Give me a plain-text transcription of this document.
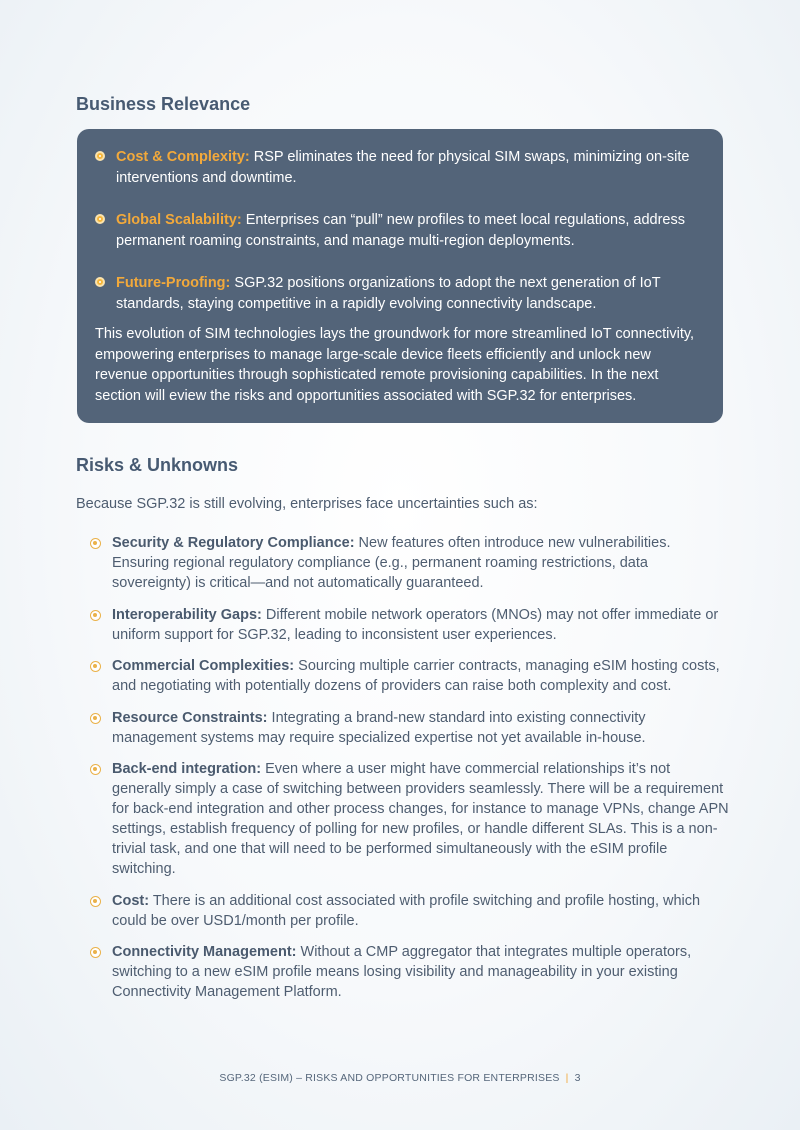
Business Relevance
Cost & Complexity: RSP eliminates the need for physical SIM swaps, minimizing on-site interventions and downtime.
Global Scalability: Enterprises can “pull” new profiles to meet local regulations, address permanent roaming constraints, and manage multi-region deployments.
Future-Proofing: SGP.32 positions organizations to adopt the next generation of IoT standards, staying competitive in a rapidly evolving connectivity landscape.

This evolution of SIM technologies lays the groundwork for more streamlined IoT connectivity, empowering enterprises to manage large-scale device fleets efficiently and unlock new revenue opportunities through sophisticated remote provisioning capabilities. In the next section will eview the risks and opportunities associated with SGP.32 for enterprises.

Risks & Unknowns

Because SGP.32 is still evolving, enterprises face uncertainties such as:

Security & Regulatory Compliance: New features often introduce new vulnerabilities. Ensuring regional regulatory compliance (e.g., permanent roaming restrictions, data sovereignty) is critical—and not automatically guaranteed.
Interoperability Gaps: Different mobile network operators (MNOs) may not offer immediate or uniform support for SGP.32, leading to inconsistent user experiences.
Commercial Complexities: Sourcing multiple carrier contracts, managing eSIM hosting costs, and negotiating with potentially dozens of providers can raise both complexity and cost.
Resource Constraints: Integrating a brand-new standard into existing connectivity management systems may require specialized expertise not yet available in-house.
Back-end integration: Even where a user might have commercial relationships it’s not generally simply a case of switching between providers seamlessly. There will be a requirement for back-end integration and other process changes, for instance to manage VPNs, change APN settings, establish frequency of polling for new profiles, or handle different SLAs. This is a non-trivial task, and one that will need to be performed simultaneously with the eSIM profile switching.
Cost: There is an additional cost associated with profile switching and profile hosting, which could be over USD1/month per profile.
Connectivity Management: Without a CMP aggregator that integrates multiple operators, switching to a new eSIM profile means losing visibility and manageability in your existing Connectivity Management Platform.
SGP.32 (ESIM) – RISKS AND OPPORTUNITIES FOR ENTERPRISES | 3
